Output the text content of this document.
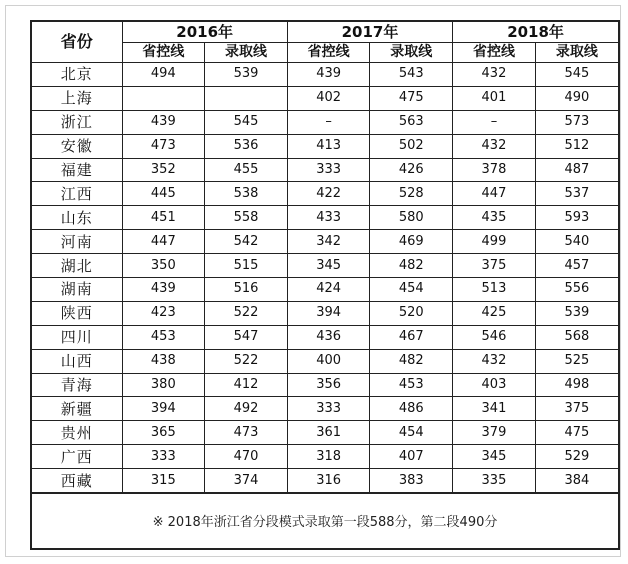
省份	2016年		2017年		2018年	
	省控线	录取线	省控线	录取线	省控线	录取线
北京	494	539	439	543	432	545
上海			402	475	401	490
浙江	439	545	–	563	–	573
安徽	473	536	413	502	432	512
福建	352	455	333	426	378	487
江西	445	538	422	528	447	537
山东	451	558	433	580	435	593
河南	447	542	342	469	499	540
湖北	350	515	345	482	375	457
湖南	439	516	424	454	513	556
陕西	423	522	394	520	425	539
四川	453	547	436	467	546	568
山西	438	522	400	482	432	525
青海	380	412	356	453	403	498
新疆	394	492	333	486	341	375
贵州	365	473	361	454	379	475
广西	333	470	318	407	345	529
西藏	315	374	316	383	335	384
※ 2018年浙江省分段模式录取第一段588分，第二段490分
